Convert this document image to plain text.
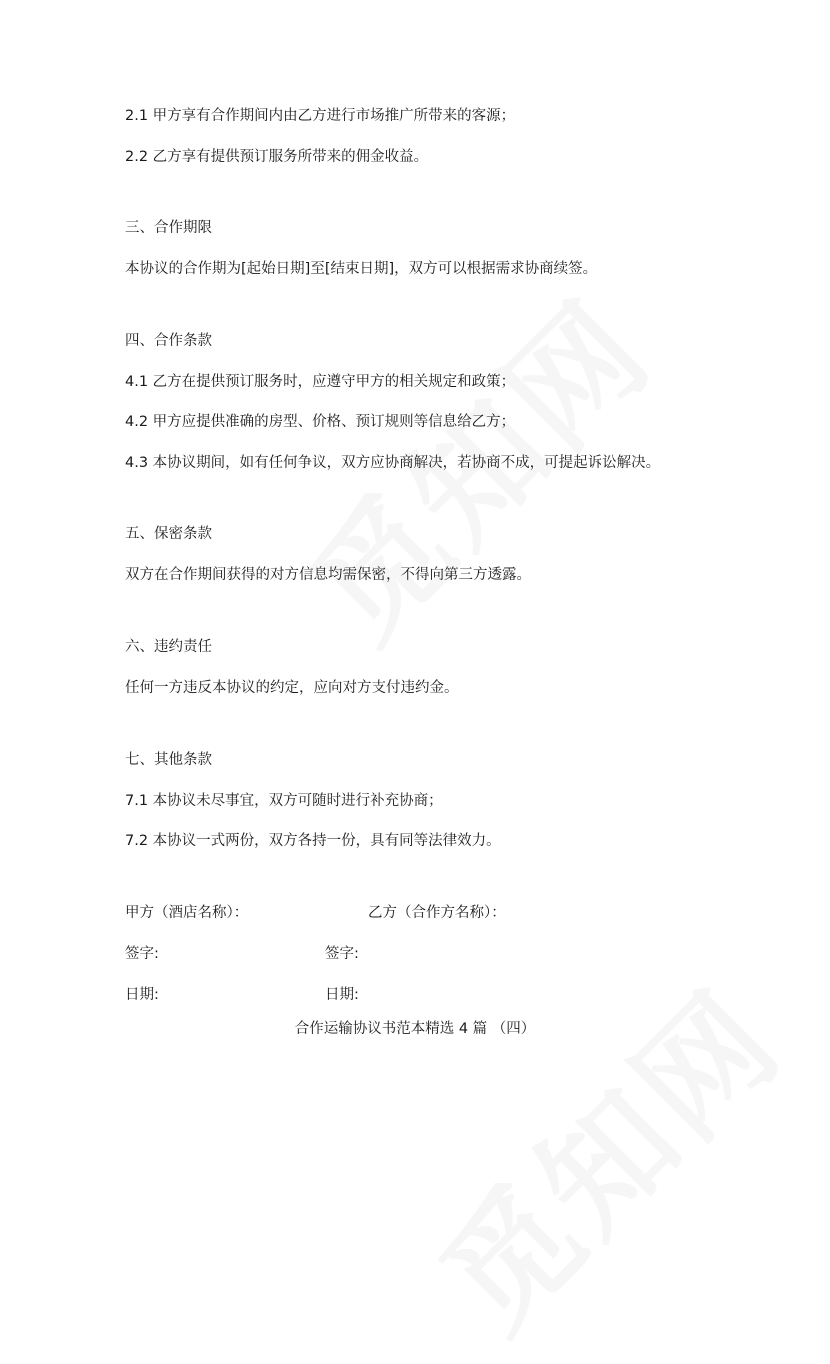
2.1 甲方享有合作期间内由乙方进行市场推广所带来的客源；
2.2 乙方享有提供预订服务所带来的佣金收益。
三、合作期限
本协议的合作期为[起始日期]至[结束日期]，双方可以根据需求协商续签。
四、合作条款
4.1 乙方在提供预订服务时，应遵守甲方的相关规定和政策；
4.2 甲方应提供准确的房型、价格、预订规则等信息给乙方；
4.3 本协议期间，如有任何争议，双方应协商解决，若协商不成，可提起诉讼解决。
五、保密条款
双方在合作期间获得的对方信息均需保密，不得向第三方透露。
六、违约责任
任何一方违反本协议的约定，应向对方支付违约金。
七、其他条款
7.1 本协议未尽事宜，双方可随时进行补充协商；
7.2 本协议一式两份，双方各持一份，具有同等法律效力。
甲方（酒店名称）：	乙方（合作方名称）：
签字:	签字:
日期:	日期:
合作运输协议书范本精选 4 篇 （四）
